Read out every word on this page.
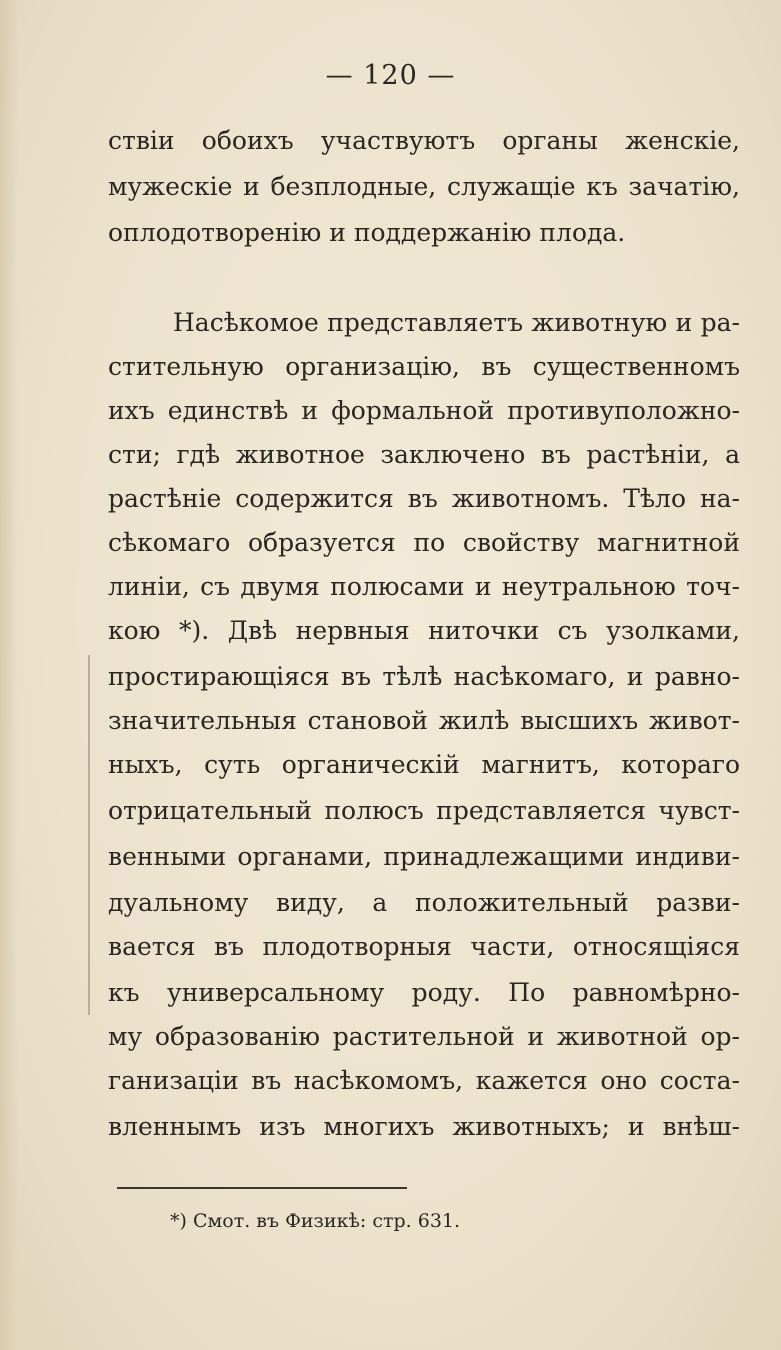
— 120 —
ствіи обоихъ участвуютъ органы женскіе,
мужескіе и безплодные, служащіе къ зачатію,
оплодотворенію и поддержанію плода.
Насѣкомое представляетъ животную и ра-
стительную организацію, въ существенномъ
ихъ единствѣ и формальной противуположно-
сти; гдѣ животное заключено въ растѣніи, а
растѣніе содержится въ животномъ. Тѣло на-
сѣкомаго образуется по свойству магнитной
линіи, съ двумя полюсами и неутральною точ-
кою *). Двѣ нервныя ниточки съ узолками,
простирающіяся въ тѣлѣ насѣкомаго, и равно-
значительныя становой жилѣ высшихъ живот-
ныхъ, суть органическій магнитъ, котораго
отрицательный полюсъ представляется чувст-
венными органами, принадлежащими индиви-
дуальному виду, а положительный разви-
вается въ плодотворныя части, относящіяся
къ универсальному роду. По равномѣрно-
му образованію растительной и животной ор-
ганизаціи въ насѣкомомъ, кажется оно соста-
вленнымъ изъ многихъ животныхъ; и внѣш-
*) Смот. въ Физикѣ: стр. 631.
